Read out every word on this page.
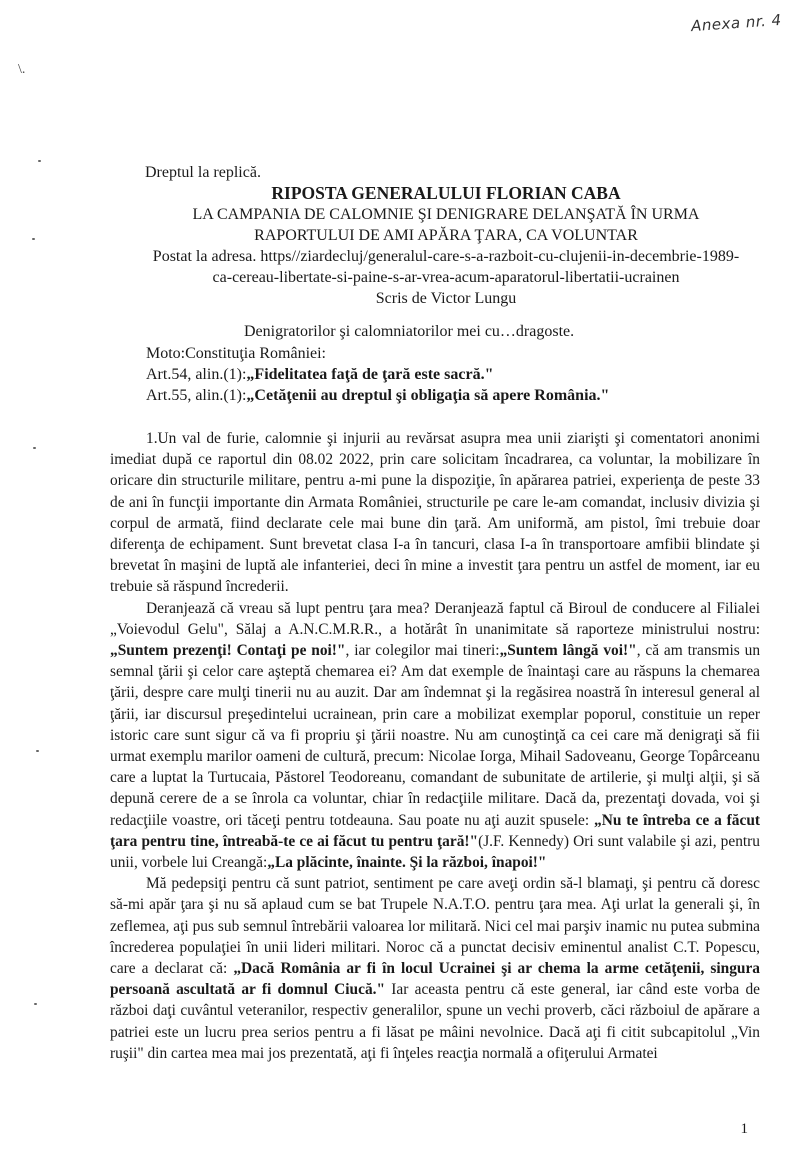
Anexa nr. 4
\.
Dreptul la replică.
RIPOSTA GENERALULUI FLORIAN CABA
LA CAMPANIA DE CALOMNIE ŞI DENIGRARE DELANŞATĂ ÎN URMA
RAPORTULUI DE AMI APĂRA ŢARA, CA VOLUNTAR
Postat la adresa. https//ziardecluj/generalul-care-s-a-razboit-cu-clujenii-in-decembrie-1989-
ca-cereau-libertate-si-paine-s-ar-vrea-acum-aparatorul-libertatii-ucrainen
Scris de Victor Lungu
Denigratorilor şi calomniatorilor mei cu…dragoste.
Moto:Constituţia României:
Art.54, alin.(1):„Fidelitatea faţă de ţară este sacră."
Art.55, alin.(1):„Cetăţenii au dreptul şi obligaţia să apere România."

1.Un val de furie, calomnie şi injurii au revărsat asupra mea unii ziarişti şi comentatori anonimi imediat după ce raportul din 08.02 2022, prin care solicitam încadrarea, ca voluntar, la mobilizare în oricare din structurile militare, pentru a-mi pune la dispoziţie, în apărarea patriei, experienţa de peste 33 de ani în funcţii importante din Armata României, structurile pe care le-am comandat, inclusiv divizia şi corpul de armată, fiind declarate cele mai bune din ţară. Am uniformă, am pistol, îmi trebuie doar diferenţa de echipament. Sunt brevetat clasa I-a în tancuri, clasa I-a în transportoare amfibii blindate şi brevetat în maşini de luptă ale infanteriei, deci în mine a investit ţara pentru un astfel de moment, iar eu trebuie să răspund încrederii.

Deranjează că vreau să lupt pentru ţara mea? Deranjează faptul că Biroul de conducere al Filialei „Voievodul Gelu", Sălaj a A.N.C.M.R.R., a hotărât în unanimitate să raporteze ministrului nostru:„Suntem prezenţi! Contaţi pe noi!", iar colegilor mai tineri:„Suntem lângă voi!", că am transmis un semnal ţării şi celor care aşteptă chemarea ei? Am dat exemple de înaintaşi care au răspuns la chemarea ţării, despre care mulţi tinerii nu au auzit. Dar am îndemnat şi la regăsirea noastră în interesul general al ţării, iar discursul preşedintelui ucrainean, prin care a mobilizat exemplar poporul, constituie un reper istoric care sunt sigur că va fi propriu şi ţării noastre. Nu am cunoştinţă ca cei care mă denigraţi să fii urmat exemplu marilor oameni de cultură, precum: Nicolae Iorga, Mihail Sadoveanu, George Topârceanu care a luptat la Turtucaia, Păstorel Teodoreanu, comandant de subunitate de artilerie, şi mulţi alţii, şi să depună cerere de a se înrola ca voluntar, chiar în redacţiile militare. Dacă da, prezentaţi dovada, voi şi redacţiile voastre, ori tăceţi pentru totdeauna. Sau poate nu aţi auzit spusele: „Nu te întreba ce a făcut ţara pentru tine, întreabă-te ce ai făcut tu pentru ţară!"(J.F. Kennedy) Ori sunt valabile şi azi, pentru unii, vorbele lui Creangă:„La plăcinte, înainte. Şi la război, înapoi!"

Mă pedepsiţi pentru că sunt patriot, sentiment pe care aveţi ordin să-l blamaţi, şi pentru că doresc să-mi apăr ţara şi nu să aplaud cum se bat Trupele N.A.T.O. pentru ţara mea. Aţi urlat la generali şi, în zeflemea, aţi pus sub semnul întrebării valoarea lor militară. Nici cel mai parşiv inamic nu putea submina încrederea populaţiei în unii lideri militari. Noroc că a punctat decisiv eminentul analist C.T. Popescu, care a declarat că: „Dacă România ar fi în locul Ucrainei şi ar chema la arme cetăţenii, singura persoană ascultată ar fi domnul Ciucă." Iar aceasta pentru că este general, iar când este vorba de război daţi cuvântul veteranilor, respectiv generalilor, spune un vechi proverb, căci războiul de apărare a patriei este un lucru prea serios pentru a fi lăsat pe mâini nevolnice. Dacă aţi fi citit subcapitolul „Vin ruşii" din cartea mea mai jos prezentată, aţi fi înţeles reacţia normală a ofiţerului Armatei

1
